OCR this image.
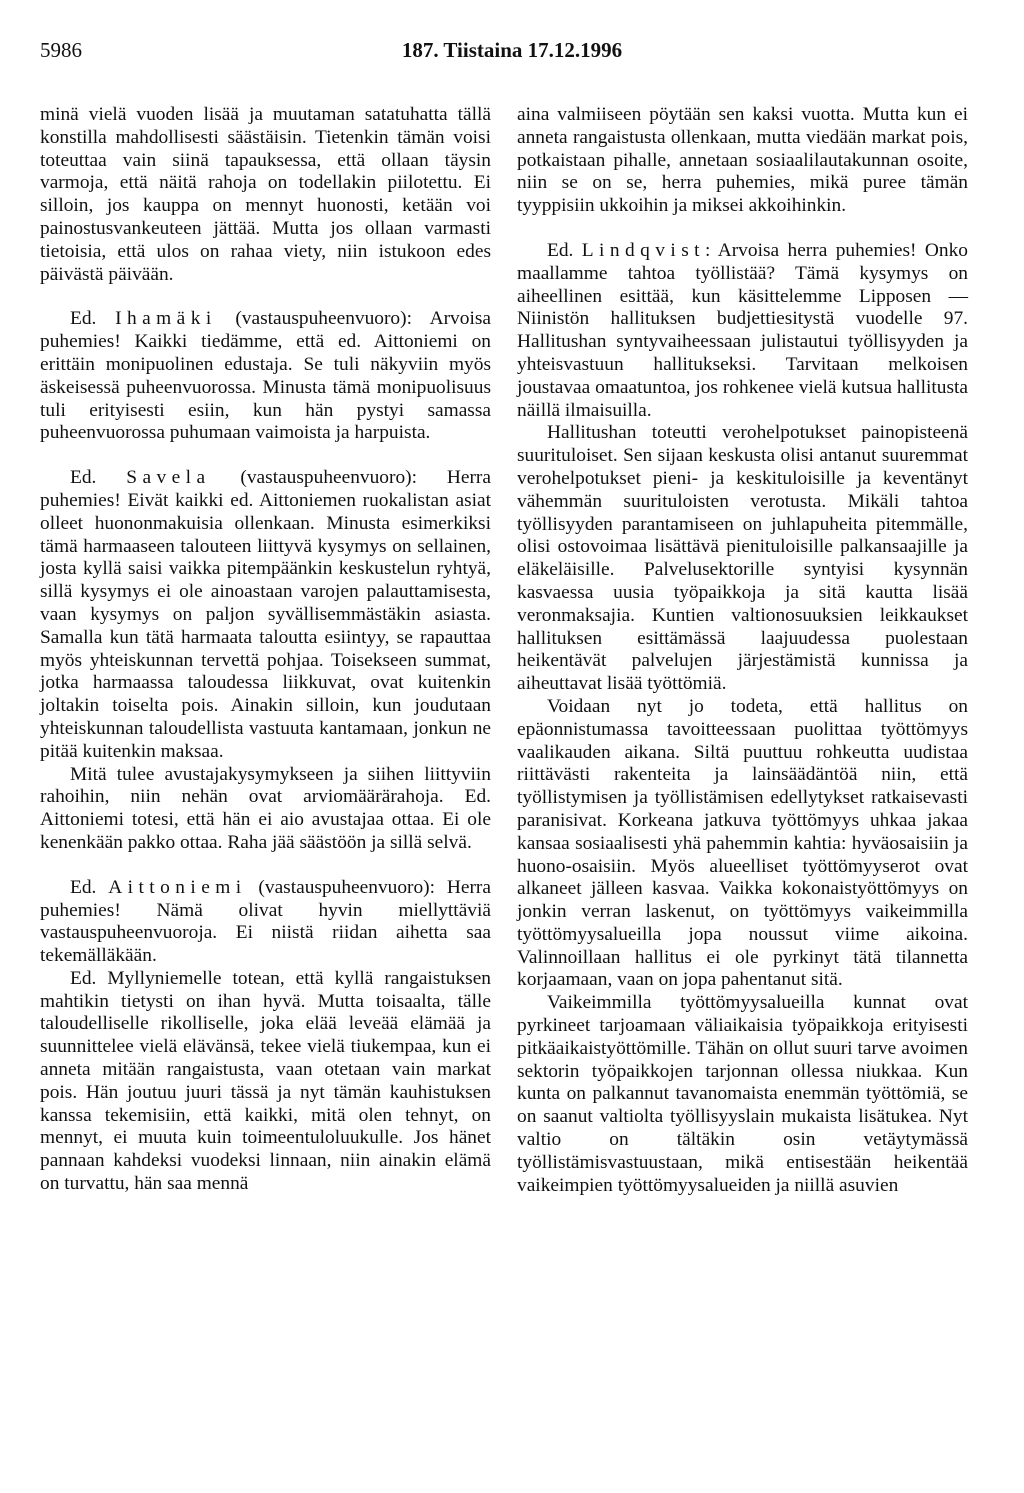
5986	187. Tiistaina 17.12.1996

minä vielä vuoden lisää ja muutaman satatuhatta tällä konstilla mahdollisesti säästäisin. Tietenkin tämän voisi toteuttaa vain siinä tapauksessa, että ollaan täysin varmoja, että näitä rahoja on todellakin piilotettu. Ei silloin, jos kauppa on mennyt huonosti, ketään voi painostusvankeuteen jättää. Mutta jos ollaan varmasti tietoisia, että ulos on rahaa viety, niin istukoon edes päivästä päivään.

Ed. Ihamäki (vastauspuheenvuoro): Arvoisa puhemies! Kaikki tiedämme, että ed. Aittoniemi on erittäin monipuolinen edustaja. Se tuli näkyviin myös äskeisessä puheenvuorossa. Minusta tämä monipuolisuus tuli erityisesti esiin, kun hän pystyi samassa puheenvuorossa puhumaan vaimoista ja harpuista.

Ed. Savela (vastauspuheenvuoro): Herra puhemies! Eivät kaikki ed. Aittoniemen ruokalistan asiat olleet huononmakuisia ollenkaan. Minusta esimerkiksi tämä harmaaseen talouteen liittyvä kysymys on sellainen, josta kyllä saisi vaikka pitempäänkin keskustelun ryhtyä, sillä kysymys ei ole ainoastaan varojen palauttamisesta, vaan kysymys on paljon syvällisemmästäkin asiasta. Samalla kun tätä harmaata taloutta esiintyy, se rapauttaa myös yhteiskunnan tervettä pohjaa. Toisekseen summat, jotka harmaassa taloudessa liikkuvat, ovat kuitenkin joltakin toiselta pois. Ainakin silloin, kun joudutaan yhteiskunnan taloudellista vastuuta kantamaan, jonkun ne pitää kuitenkin maksaa.

Mitä tulee avustajakysymykseen ja siihen liittyviin rahoihin, niin nehän ovat arviomäärärahoja. Ed. Aittoniemi totesi, että hän ei aio avustajaa ottaa. Ei ole kenenkään pakko ottaa. Raha jää säästöön ja sillä selvä.

Ed. Aittoniemi (vastauspuheenvuoro): Herra puhemies! Nämä olivat hyvin miellyttäviä vastauspuheenvuoroja. Ei niistä riidan aihetta saa tekemälläkään.

Ed. Myllyniemelle totean, että kyllä rangaistuksen mahtikin tietysti on ihan hyvä. Mutta toisaalta, tälle taloudelliselle rikolliselle, joka elää leveää elämää ja suunnittelee vielä elävänsä, tekee vielä tiukempaa, kun ei anneta mitään rangaistusta, vaan otetaan vain markat pois. Hän joutuu juuri tässä ja nyt tämän kauhistuksen kanssa tekemisiin, että kaikki, mitä olen tehnyt, on mennyt, ei muuta kuin toimeentuloluukulle. Jos hänet pannaan kahdeksi vuodeksi linnaan, niin ainakin elämä on turvattu, hän saa mennä

aina valmiiseen pöytään sen kaksi vuotta. Mutta kun ei anneta rangaistusta ollenkaan, mutta viedään markat pois, potkaistaan pihalle, annetaan sosiaalilautakunnan osoite, niin se on se, herra puhemies, mikä puree tämän tyyppisiin ukkoihin ja miksei akkoihinkin.

Ed. Lindqvist: Arvoisa herra puhemies! Onko maallamme tahtoa työllistää? Tämä kysymys on aiheellinen esittää, kun käsittelemme Lipposen — Niinistön hallituksen budjettiesitystä vuodelle 97. Hallitushan syntyvaiheessaan julistautui työllisyyden ja yhteisvastuun hallitukseksi. Tarvitaan melkoisen joustavaa omaatuntoa, jos rohkenee vielä kutsua hallitusta näillä ilmaisuilla.

Hallitushan toteutti verohelpotukset painopisteenä suurituloiset. Sen sijaan keskusta olisi antanut suuremmat verohelpotukset pieni- ja keskituloisille ja keventänyt vähemmän suurituloisten verotusta. Mikäli tahtoa työllisyyden parantamiseen on juhlapuheita pitemmälle, olisi ostovoimaa lisättävä pienituloisille palkansaajille ja eläkeläisille. Palvelusektorille syntyisi kysynnän kasvaessa uusia työpaikkoja ja sitä kautta lisää veronmaksajia. Kuntien valtionosuuksien leikkaukset hallituksen esittämässä laajuudessa puolestaan heikentävät palvelujen järjestämistä kunnissa ja aiheuttavat lisää työttömiä.

Voidaan nyt jo todeta, että hallitus on epäonnistumassa tavoitteessaan puolittaa työttömyys vaalikauden aikana. Siltä puuttuu rohkeutta uudistaa riittävästi rakenteita ja lainsäädäntöä niin, että työllistymisen ja työllistämisen edellytykset ratkaisevasti paranisivat. Korkeana jatkuva työttömyys uhkaa jakaa kansaa sosiaalisesti yhä pahemmin kahtia: hyväosaisiin ja huono-osaisiin. Myös alueelliset työttömyyserot ovat alkaneet jälleen kasvaa. Vaikka kokonaistyöttömyys on jonkin verran laskenut, on työttömyys vaikeimmilla työttömyysalueilla jopa noussut viime aikoina. Valinnoillaan hallitus ei ole pyrkinyt tätä tilannetta korjaamaan, vaan on jopa pahentanut sitä.

Vaikeimmilla työttömyysalueilla kunnat ovat pyrkineet tarjoamaan väliaikaisia työpaikkoja erityisesti pitkäaikaistyöttömille. Tähän on ollut suuri tarve avoimen sektorin työpaikkojen tarjonnan ollessa niukkaa. Kun kunta on palkannut tavanomaista enemmän työttömiä, se on saanut valtiolta työllisyyslain mukaista lisätukea. Nyt valtio on tältäkin osin vetäytymässä työllistämisvastuustaan, mikä entisestään heikentää vaikeimpien työttömyysalueiden ja niillä asuvien
